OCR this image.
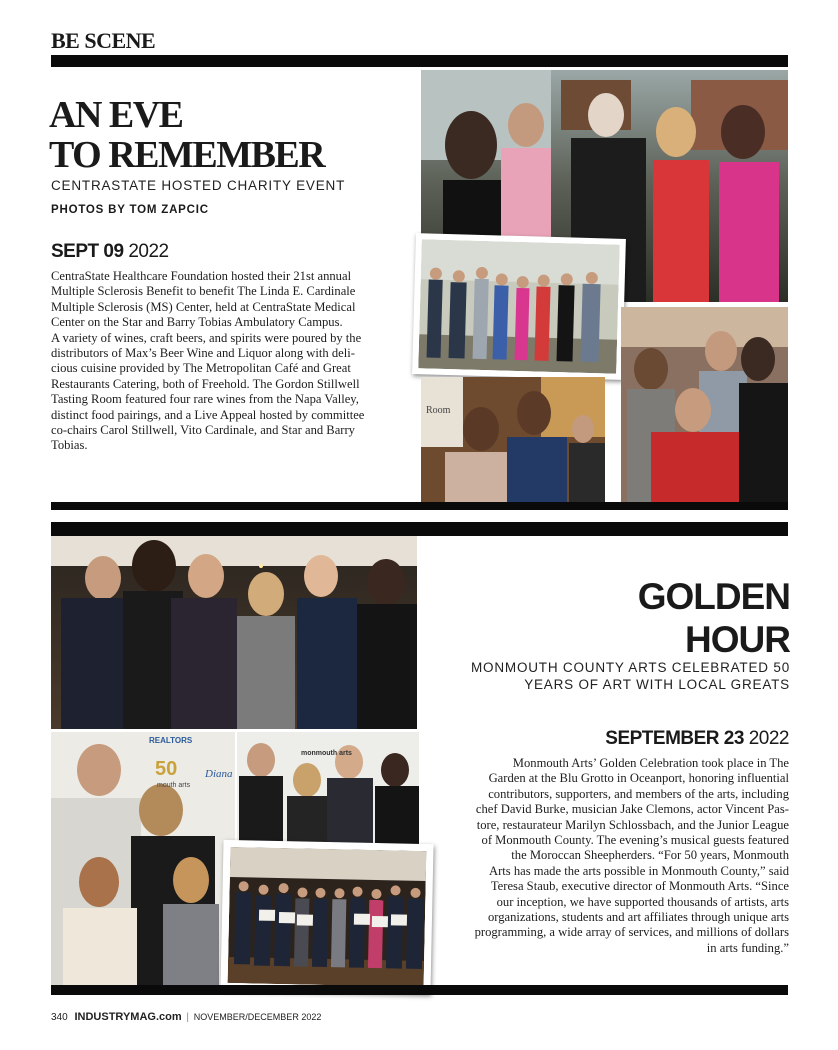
BE SCENE
AN EVE
TO REMEMBER
CENTRASTATE HOSTED CHARITY EVENT
PHOTOS BY TOM ZAPCIC
SEPT 09 2022
CentraState Healthcare Foundation hosted their 21st annual
Multiple Sclerosis Benefit to benefit The Linda E. Cardinale
Multiple Sclerosis (MS) Center, held at CentraState Medical
Center on the Star and Barry Tobias Ambulatory Campus.
A variety of wines, craft beers, and spirits were poured by the
distributors of Max’s Beer Wine and Liquor along with deli-
cious cuisine provided by The Metropolitan Café and Great
Restaurants Catering, both of Freehold. The Gordon Stillwell
Tasting Room featured four rare wines from the Napa Valley,
distinct food pairings, and a Live Appeal hosted by committee
co-chairs Carol Stillwell, Vito Cardinale, and Star and Barry
Tobias.
Room
REALTORS
50
mouth arts
Diana
monmouth arts
GOLDEN
HOUR
MONMOUTH COUNTY ARTS CELEBRATED 50
YEARS OF ART WITH LOCAL GREATS
SEPTEMBER 23 2022
Monmouth Arts’ Golden Celebration took place in The
Garden at the Blu Grotto in Oceanport, honoring influential
contributors, supporters, and members of the arts, including
chef David Burke, musician Jake Clemons, actor Vincent Pas-
tore, restaurateur Marilyn Schlossbach, and the Junior League
of Monmouth County. The evening’s musical guests featured
the Moroccan Sheepherders. “For 50 years, Monmouth
Arts has made the arts possible in Monmouth County,” said
Teresa Staub, executive director of Monmouth Arts. “Since
our inception, we have supported thousands of artists, arts
organizations, students and art affiliates through unique arts
programming, a wide array of services, and millions of dollars
in arts funding.”
340 INDUSTRYMAG.com | NOVEMBER/DECEMBER 2022
